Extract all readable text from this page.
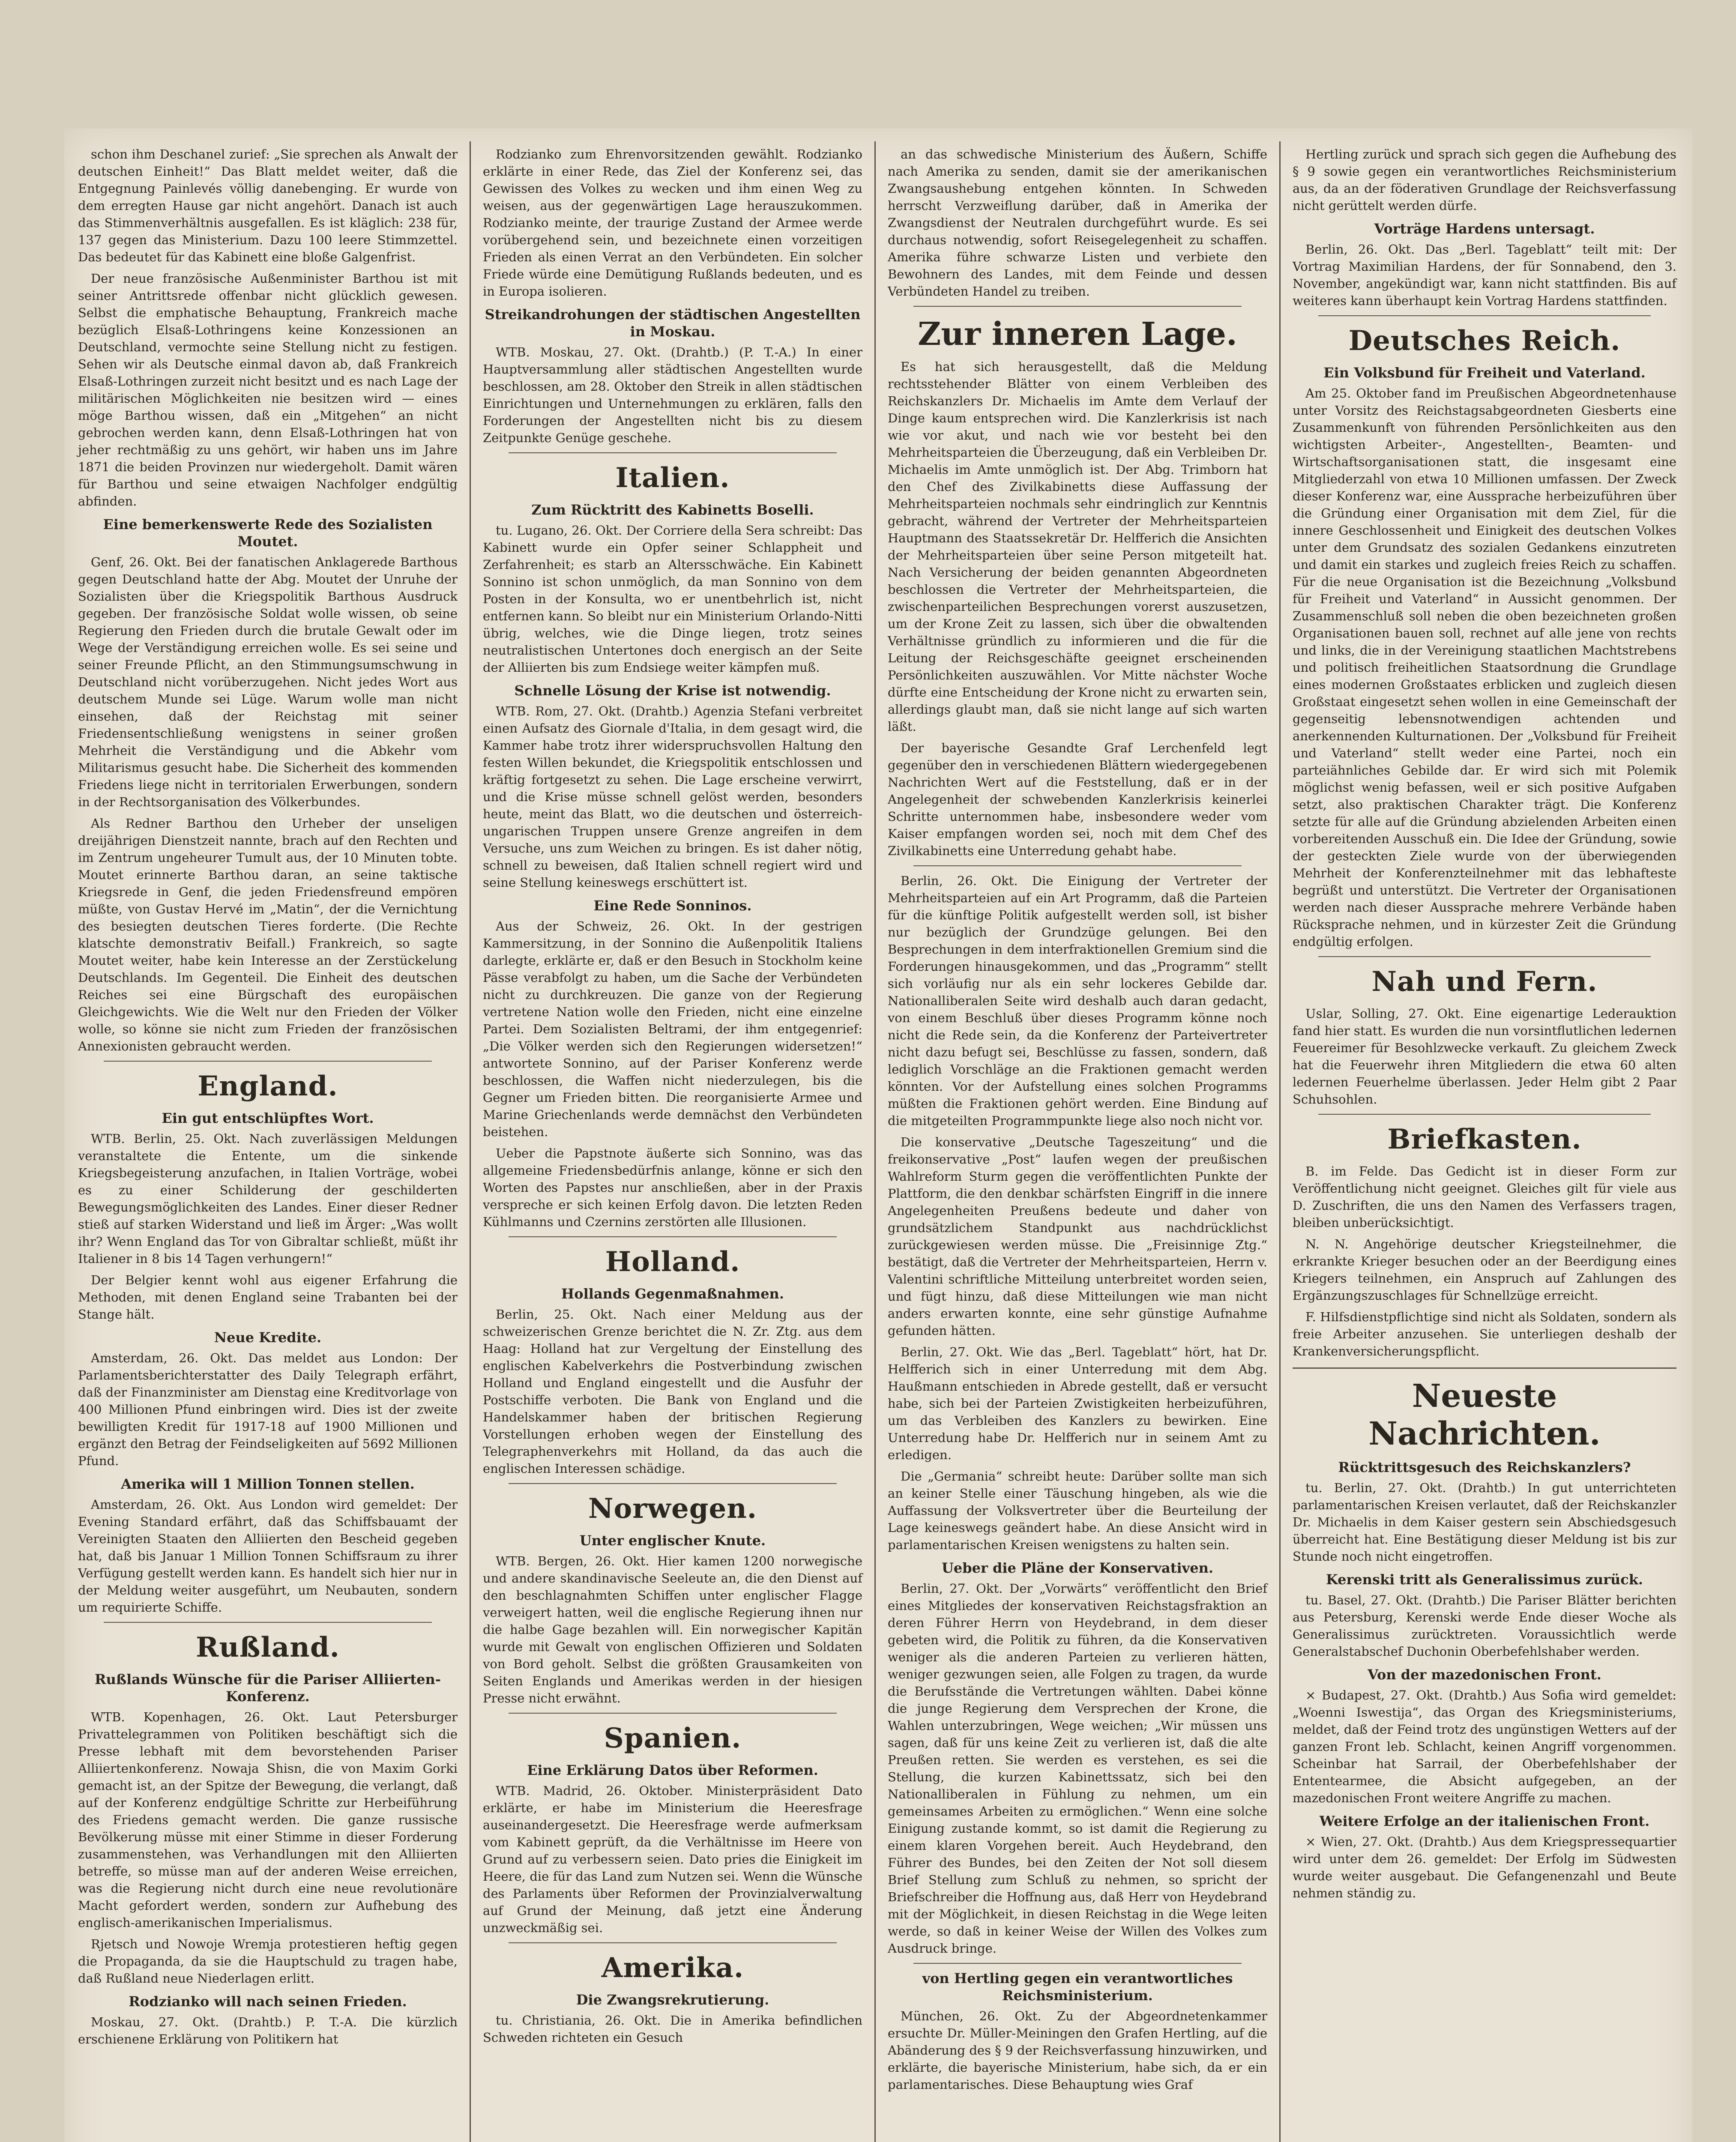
schon ihm Deschanel zurief: „Sie sprechen als Anwalt der deutschen Einheit!“ Das Blatt meldet weiter, daß die Entgegnung Painlevés völlig danebenging. Er wurde von dem erregten Hause gar nicht angehört. Danach ist auch das Stimmenverhältnis ausgefallen. Es ist kläglich: 238 für, 137 gegen das Ministerium. Dazu 100 leere Stimmzettel. Das bedeutet für das Kabinett eine bloße Galgenfrist.

Der neue französische Außenminister Barthou ist mit seiner Antrittsrede offenbar nicht glücklich gewesen. Selbst die emphatische Behauptung, Frankreich mache bezüglich Elsaß-Lothringens keine Konzessionen an Deutschland, vermochte seine Stellung nicht zu festigen. Sehen wir als Deutsche einmal davon ab, daß Frankreich Elsaß-Lothringen zurzeit nicht besitzt und es nach Lage der militärischen Möglichkeiten nie besitzen wird — eines möge Barthou wissen, daß ein „Mitgehen“ an nicht gebrochen werden kann, denn Elsaß-Lothringen hat von jeher rechtmäßig zu uns gehört, wir haben uns im Jahre 1871 die beiden Provinzen nur wiedergeholt. Damit wären für Barthou und seine etwaigen Nachfolger endgültig abfinden.

Eine bemerkenswerte Rede des Sozialisten Moutet.

Genf, 26. Okt. Bei der fanatischen Anklagerede Barthous gegen Deutschland hatte der Abg. Moutet der Unruhe der Sozialisten über die Kriegspolitik Barthous Ausdruck gegeben. Der französische Soldat wolle wissen, ob seine Regierung den Frieden durch die brutale Gewalt oder im Wege der Verständigung erreichen wolle. Es sei seine und seiner Freunde Pflicht, an den Stimmungsumschwung in Deutschland nicht vorüberzugehen. Nicht jedes Wort aus deutschem Munde sei Lüge. Warum wolle man nicht einsehen, daß der Reichstag mit seiner Friedensentschließung wenigstens in seiner großen Mehrheit die Verständigung und die Abkehr vom Militarismus gesucht habe. Die Sicherheit des kommenden Friedens liege nicht in territorialen Erwerbungen, sondern in der Rechtsorganisation des Völkerbundes.

Als Redner Barthou den Urheber der unseligen dreijährigen Dienstzeit nannte, brach auf den Rechten und im Zentrum ungeheurer Tumult aus, der 10 Minuten tobte. Moutet erinnerte Barthou daran, an seine taktische Kriegsrede in Genf, die jeden Friedensfreund empören müßte, von Gustav Hervé im „Matin“, der die Vernichtung des besiegten deutschen Tieres forderte. (Die Rechte klatschte demonstrativ Beifall.) Frankreich, so sagte Moutet weiter, habe kein Interesse an der Zerstückelung Deutschlands. Im Gegenteil. Die Einheit des deutschen Reiches sei eine Bürgschaft des europäischen Gleichgewichts. Wie die Welt nur den Frieden der Völker wolle, so könne sie nicht zum Frieden der französischen Annexionisten gebraucht werden.

England.
Ein gut entschlüpftes Wort.

WTB. Berlin, 25. Okt. Nach zuverlässigen Meldungen veranstaltete die Entente, um die sinkende Kriegsbegeisterung anzufachen, in Italien Vorträge, wobei es zu einer Schilderung der geschilderten Bewegungsmöglichkeiten des Landes. Einer dieser Redner stieß auf starken Widerstand und ließ im Ärger: „Was wollt ihr? Wenn England das Tor von Gibraltar schließt, müßt ihr Italiener in 8 bis 14 Tagen verhungern!“

Der Belgier kennt wohl aus eigener Erfahrung die Methoden, mit denen England seine Trabanten bei der Stange hält.

Neue Kredite.

Amsterdam, 26. Okt. Das meldet aus London: Der Parlamentsberichterstatter des Daily Telegraph erfährt, daß der Finanzminister am Dienstag eine Kreditvorlage von 400 Millionen Pfund einbringen wird. Dies ist der zweite bewilligten Kredit für 1917-18 auf 1900 Millionen und ergänzt den Betrag der Feindseligkeiten auf 5692 Millionen Pfund.

Amerika will 1 Million Tonnen stellen.

Amsterdam, 26. Okt. Aus London wird gemeldet: Der Evening Standard erfährt, daß das Schiffsbauamt der Vereinigten Staaten den Alliierten den Bescheid gegeben hat, daß bis Januar 1 Million Tonnen Schiffsraum zu ihrer Verfügung gestellt werden kann. Es handelt sich hier nur in der Meldung weiter ausgeführt, um Neubauten, sondern um requirierte Schiffe.

Rußland.
Rußlands Wünsche für die Pariser Alliierten-Konferenz.

WTB. Kopenhagen, 26. Okt. Laut Petersburger Privattelegrammen von Politiken beschäftigt sich die Presse lebhaft mit dem bevorstehenden Pariser Alliiertenkonferenz. Nowaja Shisn, die von Maxim Gorki gemacht ist, an der Spitze der Bewegung, die verlangt, daß auf der Konferenz endgültige Schritte zur Herbeiführung des Friedens gemacht werden. Die ganze russische Bevölkerung müsse mit einer Stimme in dieser Forderung zusammenstehen, was Verhandlungen mit den Alliierten betreffe, so müsse man auf der anderen Weise erreichen, was die Regierung nicht durch eine neue revolutionäre Macht gefordert werden, sondern zur Aufhebung des englisch-amerikanischen Imperialismus.

Rjetsch und Nowoje Wremja protestieren heftig gegen die Propaganda, da sie die Hauptschuld zu tragen habe, daß Rußland neue Niederlagen erlitt.

Rodzianko will nach seinen Frieden.

Moskau, 27. Okt. (Drahtb.) P. T.-A. Die kürzlich erschienene Erklärung von Politikern hat

Rodzianko zum Ehrenvorsitzenden gewählt. Rodzianko erklärte in einer Rede, das Ziel der Konferenz sei, das Gewissen des Volkes zu wecken und ihm einen Weg zu weisen, aus der gegenwärtigen Lage herauszukommen. Rodzianko meinte, der traurige Zustand der Armee werde vorübergehend sein, und bezeichnete einen vorzeitigen Frieden als einen Verrat an den Verbündeten. Ein solcher Friede würde eine Demütigung Rußlands bedeuten, und es in Europa isolieren.

Streikandrohungen der städtischen Angestellten in Moskau.

WTB. Moskau, 27. Okt. (Drahtb.) (P. T.-A.) In einer Hauptversammlung aller städtischen Angestellten wurde beschlossen, am 28. Oktober den Streik in allen städtischen Einrichtungen und Unternehmungen zu erklären, falls den Forderungen der Angestellten nicht bis zu diesem Zeitpunkte Genüge geschehe.

Italien.
Zum Rücktritt des Kabinetts Boselli.

tu. Lugano, 26. Okt. Der Corriere della Sera schreibt: Das Kabinett wurde ein Opfer seiner Schlappheit und Zerfahrenheit; es starb an Altersschwäche. Ein Kabinett Sonnino ist schon unmöglich, da man Sonnino von dem Posten in der Konsulta, wo er unentbehrlich ist, nicht entfernen kann. So bleibt nur ein Ministerium Orlando-Nitti übrig, welches, wie die Dinge liegen, trotz seines neutralistischen Untertones doch energisch an der Seite der Alliierten bis zum Endsiege weiter kämpfen muß.

Schnelle Lösung der Krise ist notwendig.

WTB. Rom, 27. Okt. (Drahtb.) Agenzia Stefani verbreitet einen Aufsatz des Giornale d'Italia, in dem gesagt wird, die Kammer habe trotz ihrer widerspruchsvollen Haltung den festen Willen bekundet, die Kriegspolitik entschlossen und kräftig fortgesetzt zu sehen. Die Lage erscheine verwirrt, und die Krise müsse schnell gelöst werden, besonders heute, meint das Blatt, wo die deutschen und österreich-ungarischen Truppen unsere Grenze angreifen in dem Versuche, uns zum Weichen zu bringen. Es ist daher nötig, schnell zu beweisen, daß Italien schnell regiert wird und seine Stellung keineswegs erschüttert ist.

Eine Rede Sonninos.

Aus der Schweiz, 26. Okt. In der gestrigen Kammersitzung, in der Sonnino die Außenpolitik Italiens darlegte, erklärte er, daß er den Besuch in Stockholm keine Pässe verabfolgt zu haben, um die Sache der Verbündeten nicht zu durchkreuzen. Die ganze von der Regierung vertretene Nation wolle den Frieden, nicht eine einzelne Partei. Dem Sozialisten Beltrami, der ihm entgegenrief: „Die Völker werden sich den Regierungen widersetzen!“ antwortete Sonnino, auf der Pariser Konferenz werde beschlossen, die Waffen nicht niederzulegen, bis die Gegner um Frieden bitten. Die reorganisierte Armee und Marine Griechenlands werde demnächst den Verbündeten beistehen.

Ueber die Papstnote äußerte sich Sonnino, was das allgemeine Friedensbedürfnis anlange, könne er sich den Worten des Papstes nur anschließen, aber in der Praxis verspreche er sich keinen Erfolg davon. Die letzten Reden Kühlmanns und Czernins zerstörten alle Illusionen.

Holland.
Hollands Gegenmaßnahmen.

Berlin, 25. Okt. Nach einer Meldung aus der schweizerischen Grenze berichtet die N. Zr. Ztg. aus dem Haag: Holland hat zur Vergeltung der Einstellung des englischen Kabelverkehrs die Postverbindung zwischen Holland und England eingestellt und die Ausfuhr der Postschiffe verboten. Die Bank von England und die Handelskammer haben der britischen Regierung Vorstellungen erhoben wegen der Einstellung des Telegraphenverkehrs mit Holland, da das auch die englischen Interessen schädige.

Norwegen.
Unter englischer Knute.

WTB. Bergen, 26. Okt. Hier kamen 1200 norwegische und andere skandinavische Seeleute an, die den Dienst auf den beschlagnahmten Schiffen unter englischer Flagge verweigert hatten, weil die englische Regierung ihnen nur die halbe Gage bezahlen will. Ein norwegischer Kapitän wurde mit Gewalt von englischen Offizieren und Soldaten von Bord geholt. Selbst die größten Grausamkeiten von Seiten Englands und Amerikas werden in der hiesigen Presse nicht erwähnt.

Spanien.
Eine Erklärung Datos über Reformen.

WTB. Madrid, 26. Oktober. Ministerpräsident Dato erklärte, er habe im Ministerium die Heeresfrage auseinandergesetzt. Die Heeresfrage werde aufmerksam vom Kabinett geprüft, da die Verhältnisse im Heere von Grund auf zu verbessern seien. Dato pries die Einigkeit im Heere, die für das Land zum Nutzen sei. Wenn die Wünsche des Parlaments über Reformen der Provinzialverwaltung auf Grund der Meinung, daß jetzt eine Änderung unzweckmäßig sei.

Amerika.
Die Zwangsrekrutierung.

tu. Christiania, 26. Okt. Die in Amerika befindlichen Schweden richteten ein Gesuch

an das schwedische Ministerium des Äußern, Schiffe nach Amerika zu senden, damit sie der amerikanischen Zwangsaushebung entgehen könnten. In Schweden herrscht Verzweiflung darüber, daß in Amerika der Zwangsdienst der Neutralen durchgeführt wurde. Es sei durchaus notwendig, sofort Reisegelegenheit zu schaffen. Amerika führe schwarze Listen und verbiete den Bewohnern des Landes, mit dem Feinde und dessen Verbündeten Handel zu treiben.

Zur inneren Lage.

Es hat sich herausgestellt, daß die Meldung rechtsstehender Blätter von einem Verbleiben des Reichskanzlers Dr. Michaelis im Amte dem Verlauf der Dinge kaum entsprechen wird. Die Kanzlerkrisis ist nach wie vor akut, und nach wie vor besteht bei den Mehrheitsparteien die Überzeugung, daß ein Verbleiben Dr. Michaelis im Amte unmöglich ist. Der Abg. Trimborn hat den Chef des Zivilkabinetts diese Auffassung der Mehrheitsparteien nochmals sehr eindringlich zur Kenntnis gebracht, während der Vertreter der Mehrheitsparteien Hauptmann des Staatssekretär Dr. Helfferich die Ansichten der Mehrheitsparteien über seine Person mitgeteilt hat. Nach Versicherung der beiden genannten Abgeordneten beschlossen die Vertreter der Mehrheitsparteien, die zwischenparteilichen Besprechungen vorerst auszusetzen, um der Krone Zeit zu lassen, sich über die obwaltenden Verhältnisse gründlich zu informieren und die für die Leitung der Reichsgeschäfte geeignet erscheinenden Persönlichkeiten auszuwählen. Vor Mitte nächster Woche dürfte eine Entscheidung der Krone nicht zu erwarten sein, allerdings glaubt man, daß sie nicht lange auf sich warten läßt.

Der bayerische Gesandte Graf Lerchenfeld legt gegenüber den in verschiedenen Blättern wiedergegebenen Nachrichten Wert auf die Feststellung, daß er in der Angelegenheit der schwebenden Kanzlerkrisis keinerlei Schritte unternommen habe, insbesondere weder vom Kaiser empfangen worden sei, noch mit dem Chef des Zivilkabinetts eine Unterredung gehabt habe.

Berlin, 26. Okt. Die Einigung der Vertreter der Mehrheitsparteien auf ein Art Programm, daß die Parteien für die künftige Politik aufgestellt werden soll, ist bisher nur bezüglich der Grundzüge gelungen. Bei den Besprechungen in dem interfraktionellen Gremium sind die Forderungen hinausgekommen, und das „Programm“ stellt sich vorläufig nur als ein sehr lockeres Gebilde dar. Nationalliberalen Seite wird deshalb auch daran gedacht, von einem Beschluß über dieses Programm könne noch nicht die Rede sein, da die Konferenz der Parteivertreter nicht dazu befugt sei, Beschlüsse zu fassen, sondern, daß lediglich Vorschläge an die Fraktionen gemacht werden könnten. Vor der Aufstellung eines solchen Programms müßten die Fraktionen gehört werden. Eine Bindung auf die mitgeteilten Programmpunkte liege also noch nicht vor.

Die konservative „Deutsche Tageszeitung“ und die freikonservative „Post“ laufen wegen der preußischen Wahlreform Sturm gegen die veröffentlichten Punkte der Plattform, die den denkbar schärfsten Eingriff in die innere Angelegenheiten Preußens bedeute und daher von grundsätzlichem Standpunkt aus nachdrücklichst zurückgewiesen werden müsse. Die „Freisinnige Ztg.“ bestätigt, daß die Vertreter der Mehrheitsparteien, Herrn v. Valentini schriftliche Mitteilung unterbreitet worden seien, und fügt hinzu, daß diese Mitteilungen wie man nicht anders erwarten konnte, eine sehr günstige Aufnahme gefunden hätten.

Berlin, 27. Okt. Wie das „Berl. Tageblatt“ hört, hat Dr. Helfferich sich in einer Unterredung mit dem Abg. Haußmann entschieden in Abrede gestellt, daß er versucht habe, sich bei der Parteien Zwistigkeiten herbeizuführen, um das Verbleiben des Kanzlers zu bewirken. Eine Unterredung habe Dr. Helfferich nur in seinem Amt zu erledigen.

Die „Germania“ schreibt heute: Darüber sollte man sich an keiner Stelle einer Täuschung hingeben, als wie die Auffassung der Volksvertreter über die Beurteilung der Lage keineswegs geändert habe. An diese Ansicht wird in parlamentarischen Kreisen wenigstens zu halten sein.

Ueber die Pläne der Konservativen.

Berlin, 27. Okt. Der „Vorwärts“ veröffentlicht den Brief eines Mitgliedes der konservativen Reichstagsfraktion an deren Führer Herrn von Heydebrand, in dem dieser gebeten wird, die Politik zu führen, da die Konservativen weniger als die anderen Parteien zu verlieren hätten, weniger gezwungen seien, alle Folgen zu tragen, da wurde die Berufsstände die Vertretungen wählten. Dabei könne die junge Regierung dem Versprechen der Krone, die Wahlen unterzubringen, Wege weichen; „Wir müssen uns sagen, daß für uns keine Zeit zu verlieren ist, daß die alte Preußen retten. Sie werden es verstehen, es sei die Stellung, die kurzen Kabinettssatz, sich bei den Nationalliberalen in Fühlung zu nehmen, um ein gemeinsames Arbeiten zu ermöglichen.“ Wenn eine solche Einigung zustande kommt, so ist damit die Regierung zu einem klaren Vorgehen bereit. Auch Heydebrand, den Führer des Bundes, bei den Zeiten der Not soll diesem Brief Stellung zum Schluß zu nehmen, so spricht der Briefschreiber die Hoffnung aus, daß Herr von Heydebrand mit der Möglichkeit, in diesen Reichstag in die Wege leiten werde, so daß in keiner Weise der Willen des Volkes zum Ausdruck bringe.

von Hertling gegen ein verantwortliches Reichsministerium.

München, 26. Okt. Zu der Abgeordnetenkammer ersuchte Dr. Müller-Meiningen den Grafen Hertling, auf die Abänderung des § 9 der Reichsverfassung hinzuwirken, und erklärte, die bayerische Ministerium, habe sich, da er ein parlamentarisches. Diese Behauptung wies Graf

Hertling zurück und sprach sich gegen die Aufhebung des § 9 sowie gegen ein verantwortliches Reichsministerium aus, da an der föderativen Grundlage der Reichsverfassung nicht gerüttelt werden dürfe.

Vorträge Hardens untersagt.

Berlin, 26. Okt. Das „Berl. Tageblatt“ teilt mit: Der Vortrag Maximilian Hardens, der für Sonnabend, den 3. November, angekündigt war, kann nicht stattfinden. Bis auf weiteres kann überhaupt kein Vortrag Hardens stattfinden.

Deutsches Reich.
Ein Volksbund für Freiheit und Vaterland.

Am 25. Oktober fand im Preußischen Abgeordnetenhause unter Vorsitz des Reichstagsabgeordneten Giesberts eine Zusammenkunft von führenden Persönlichkeiten aus den wichtigsten Arbeiter-, Angestellten-, Beamten- und Wirtschaftsorganisationen statt, die insgesamt eine Mitgliederzahl von etwa 10 Millionen umfassen. Der Zweck dieser Konferenz war, eine Aussprache herbeizuführen über die Gründung einer Organisation mit dem Ziel, für die innere Geschlossenheit und Einigkeit des deutschen Volkes unter dem Grundsatz des sozialen Gedankens einzutreten und damit ein starkes und zugleich freies Reich zu schaffen. Für die neue Organisation ist die Bezeichnung „Volksbund für Freiheit und Vaterland“ in Aussicht genommen. Der Zusammenschluß soll neben die oben bezeichneten großen Organisationen bauen soll, rechnet auf alle jene von rechts und links, die in der Vereinigung staatlichen Machtstrebens und politisch freiheitlichen Staatsordnung die Grundlage eines modernen Großstaates erblicken und zugleich diesen Großstaat eingesetzt sehen wollen in eine Gemeinschaft der gegenseitig lebensnotwendigen achtenden und anerkennenden Kulturnationen. Der „Volksbund für Freiheit und Vaterland“ stellt weder eine Partei, noch ein parteiähnliches Gebilde dar. Er wird sich mit Polemik möglichst wenig befassen, weil er sich positive Aufgaben setzt, also praktischen Charakter trägt. Die Konferenz setzte für alle auf die Gründung abzielenden Arbeiten einen vorbereitenden Ausschuß ein. Die Idee der Gründung, sowie der gesteckten Ziele wurde von der überwiegenden Mehrheit der Konferenzteilnehmer mit das lebhafteste begrüßt und unterstützt. Die Vertreter der Organisationen werden nach dieser Aussprache mehrere Verbände haben Rücksprache nehmen, und in kürzester Zeit die Gründung endgültig erfolgen.

Nah und Fern.

Uslar, Solling, 27. Okt. Eine eigenartige Lederauktion fand hier statt. Es wurden die nun vorsintflutlichen ledernen Feuereimer für Besohlzwecke verkauft. Zu gleichem Zweck hat die Feuerwehr ihren Mitgliedern die etwa 60 alten ledernen Feuerhelme überlassen. Jeder Helm gibt 2 Paar Schuhsohlen.

Briefkasten.

B. im Felde. Das Gedicht ist in dieser Form zur Veröffentlichung nicht geeignet. Gleiches gilt für viele aus D. Zuschriften, die uns den Namen des Verfassers tragen, bleiben unberücksichtigt.

N. N. Angehörige deutscher Kriegsteilnehmer, die erkrankte Krieger besuchen oder an der Beerdigung eines Kriegers teilnehmen, ein Anspruch auf Zahlungen des Ergänzungszuschlages für Schnellzüge erreicht.

F. Hilfsdienstpflichtige sind nicht als Soldaten, sondern als freie Arbeiter anzusehen. Sie unterliegen deshalb der Krankenversicherungspflicht.

Neueste Nachrichten.
Rücktrittsgesuch des Reichskanzlers?

tu. Berlin, 27. Okt. (Drahtb.) In gut unterrichteten parlamentarischen Kreisen verlautet, daß der Reichskanzler Dr. Michaelis in dem Kaiser gestern sein Abschiedsgesuch überreicht hat. Eine Bestätigung dieser Meldung ist bis zur Stunde noch nicht eingetroffen.

Kerenski tritt als Generalissimus zurück.

tu. Basel, 27. Okt. (Drahtb.) Die Pariser Blätter berichten aus Petersburg, Kerenski werde Ende dieser Woche als Generalissimus zurücktreten. Voraussichtlich werde Generalstabschef Duchonin Oberbefehlshaber werden.

Von der mazedonischen Front.

× Budapest, 27. Okt. (Drahtb.) Aus Sofia wird gemeldet: „Woenni Iswestija“, das Organ des Kriegsministeriums, meldet, daß der Feind trotz des ungünstigen Wetters auf der ganzen Front leb. Schlacht, keinen Angriff vorgenommen. Scheinbar hat Sarrail, der Oberbefehlshaber der Ententearmee, die Absicht aufgegeben, an der mazedonischen Front weitere Angriffe zu machen.

Weitere Erfolge an der italienischen Front.

× Wien, 27. Okt. (Drahtb.) Aus dem Kriegspressequartier wird unter dem 26. gemeldet: Der Erfolg im Südwesten wurde weiter ausgebaut. Die Gefangenenzahl und Beute nehmen ständig zu.
